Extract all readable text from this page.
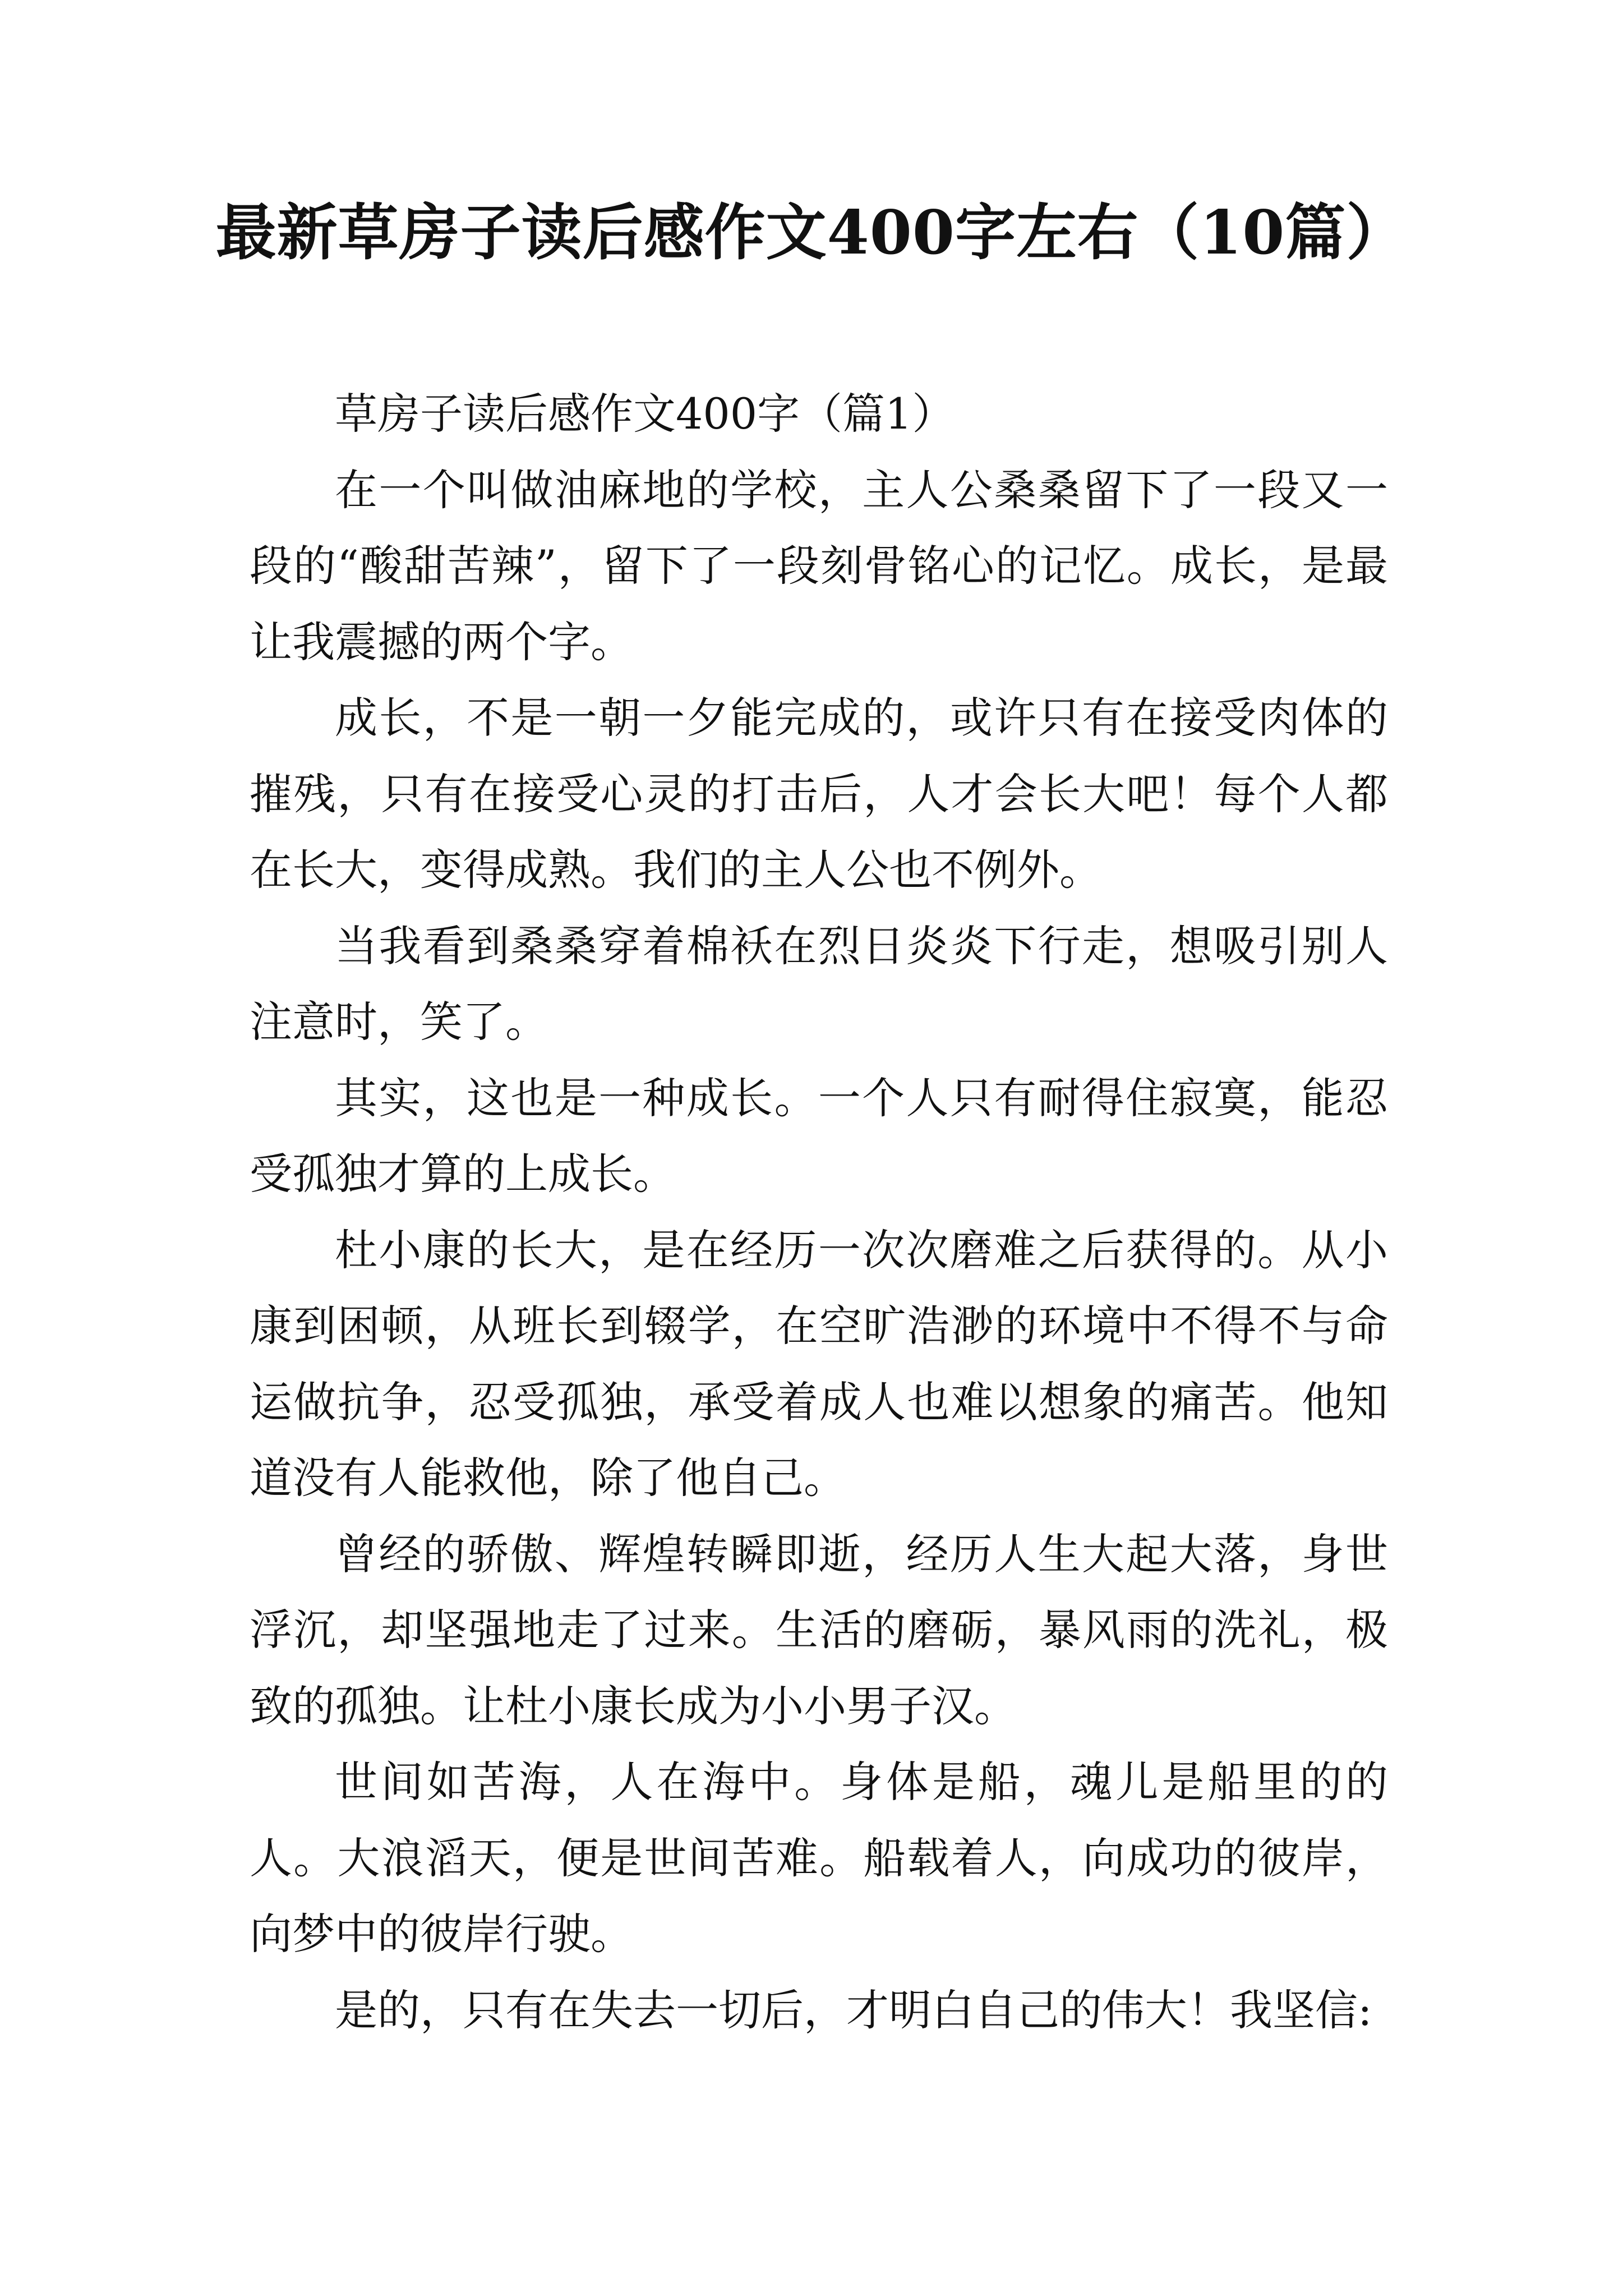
最新草房子读后感作文400字左右（10篇）

草房子读后感作文400字（篇1）

在一个叫做油麻地的学校，主人公桑桑留下了一段又一段的“酸甜苦辣”，留下了一段刻骨铭心的记忆。成长，是最让我震撼的两个字。

成长，不是一朝一夕能完成的，或许只有在接受肉体的摧残，只有在接受心灵的打击后，人才会长大吧！每个人都在长大，变得成熟。我们的主人公也不例外。

当我看到桑桑穿着棉袄在烈日炎炎下行走，想吸引别人注意时，笑了。

其实，这也是一种成长。一个人只有耐得住寂寞，能忍受孤独才算的上成长。

杜小康的长大，是在经历一次次磨难之后获得的。从小康到困顿，从班长到辍学，在空旷浩渺的环境中不得不与命运做抗争，忍受孤独，承受着成人也难以想象的痛苦。他知道没有人能救他，除了他自己。

曾经的骄傲、辉煌转瞬即逝，经历人生大起大落，身世浮沉，却坚强地走了过来。生活的磨砺，暴风雨的洗礼，极致的孤独。让杜小康长成为小小男子汉。

世间如苦海，人在海中。身体是船，魂儿是船里的的人。大浪滔天，便是世间苦难。船载着人，向成功的彼岸，向梦中的彼岸行驶。

是的，只有在失去一切后，才明白自己的伟大！我坚信:
